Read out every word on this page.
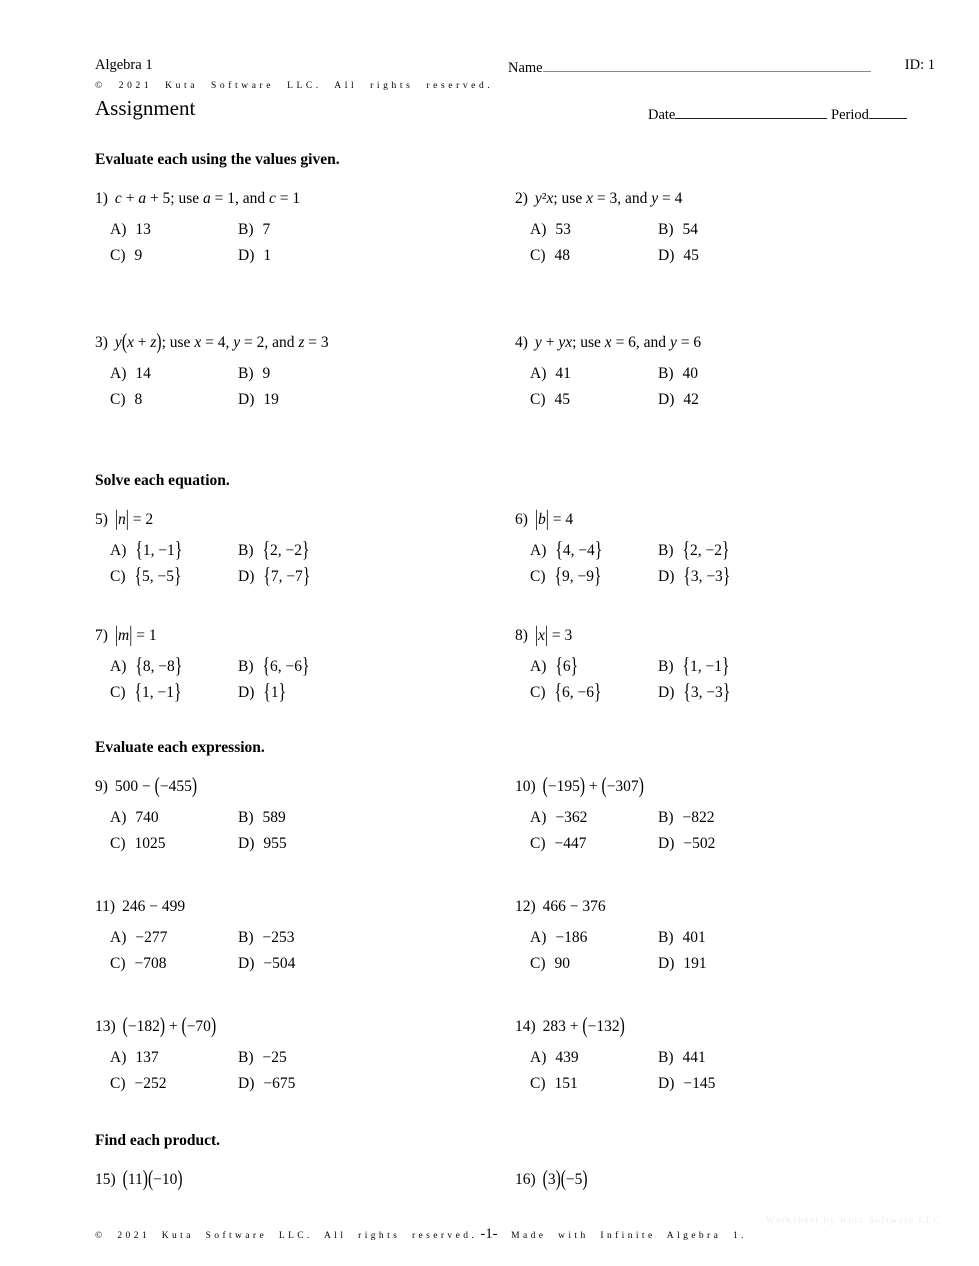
Algebra 1	Name	ID: 1
© 2021 Kuta Software LLC. All rights reserved.
Assignment	Date	Period
Evaluate each using the values given.
1) c + a + 5; use a = 1, and c = 1
A) 13	B) 7
C) 9	D) 1
2) y²x; use x = 3, and y = 4
A) 53	B) 54
C) 48	D) 45
3) y(x + z); use x = 4, y = 2, and z = 3
A) 14	B) 9
C) 8	D) 19
4) y + yx; use x = 6, and y = 6
A) 41	B) 40
C) 45	D) 42
Solve each equation.
5) |n| = 2
A) {1, −1}	B) {2, −2}
C) {5, −5}	D) {7, −7}
6) |b| = 4
A) {4, −4}	B) {2, −2}
C) {9, −9}	D) {3, −3}
7) |m| = 1
A) {8, −8}	B) {6, −6}
C) {1, −1}	D) {1}
8) |x| = 3
A) {6}	B) {1, −1}
C) {6, −6}	D) {3, −3}
Evaluate each expression.
9) 500 − (−455)
A) 740	B) 589
C) 1025	D) 955
10) (−195) + (−307)
A) −362	B) −822
C) −447	D) −502
11) 246 − 499
A) −277	B) −253
C) −708	D) −504
12) 466 − 376
A) −186	B) 401
C) 90	D) 191
13) (−182) + (−70)
A) 137	B) −25
C) −252	D) −675
14) 283 + (−132)
A) 439	B) 441
C) 151	D) −145
Find each product.
15) (11)(−10)	16) (3)(−5)
© 2021 Kuta Software LLC. All rights reserved.	Made with Infinite Algebra 1.
-1-
Worksheet by Kuta Software LLC
